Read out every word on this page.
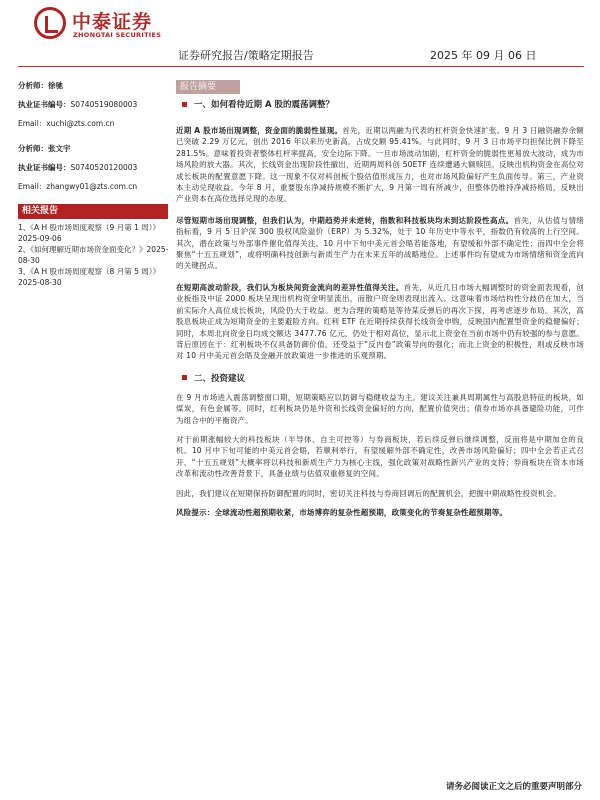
中泰证券
ZHONGTAI SECURITIES
证券研究报告/策略定期报告	2025 年 09 月 06 日
分析师：徐驰
执业证书编号：S0740519080003
Email：xuchi@zts.com.cn
分析师：张文宇
执业证书编号：S0740520120003
Email：zhangwy01@zts.com.cn
相关报告
1、《A H 股市场周度观察（9 月第 1 周）》2025-09-06
2、《如何理解近期市场资金面变化？》2025-08-30
3、《A H 股市场周度观察（8 月第 5 周）》2025-08-30
报告摘要
一、如何看待近期 A 股的震荡调整？
近期 A 股市场出现调整，资金面的脆弱性显现。首先，近期以两融为代表的杠杆资金快速扩张。9 月 3 日融资融券余额已突破 2.29 万亿元，创出 2016 年以来历史新高，占成交额 95.41%。与此同时，9 月 3 日市场平均担保比例下降至 281.5%。意味着投资者整体杠杆率提高，安全边际下降。一旦市场波动加剧，杠杆资金的脆弱性更易放大波动，成为市场风险的放大器。其次，长线资金出现阶段性撤出，近期两周科创 50ETF 连续遭遇大额赎回。反映出机构资金在高位对成长板块的配置意愿下降。这一现象不仅对科创板个股估值形成压力，也对市场风险偏好产生负面传导。第三，产业资本主动兑现收益。今年 8 月，重要股东净减持规模不断扩大，9 月第一周有所减少，但整体仍维持净减持格局，反映出产业资本在高位选择兑现的态度。
尽管短期市场出现调整，但我们认为，中期趋势并未逆转，指数和科技板块均未到达阶段性高点。首先，从估值与情绪指标看，9 月 5 日沪深 300 股权风险溢价（ERP）为 5.32%，处于 10 年历史中等水平，指数仍有较高的上行空间。其次，潜在政策与外部事件催化值得关注。10 月中下旬中美元首会晤若能落地，有望缓和外部不确定性；而四中全会将聚焦“十五五规划”，或将明确科技创新与新质生产力在未来五年的战略地位。上述事件均有望成为市场情绪和资金流向的关键拐点。
在短期高波动阶段，我们认为板块间资金流向的差异性值得关注。首先，从近几日市场大幅调整时的资金面表现看，创业板指及中证 2000 板块呈现出机构资金明显流出，而散户资金则表现出流入。这意味着市场结构性分歧仍在加大，当前实际介入高位成长板块，风险仍大于收益。更为合理的策略是等待某反弹后的再次下探，再考虑逐步布局。其次，高股息板块正成为短期资金的主要避险方向。红利 ETF 在近期持续获得长线资金申购，反映国内配置型资金的稳健偏好；同时，本周北向资金日均成交额达 3477.76 亿元，仍处于相对高位，显示北上资金在当前市场中仍有较强的参与意愿。背后原因在于：红利板块不仅具备防御价值，还受益于“反内卷”政策导向的强化；而北上资金的积极性，则或反映市场对 10 月中美元首会晤及金融开放政策进一步推进的乐观预期。
二、投资建议
在 9 月市场进入震荡调整窗口期，短期策略应以防御与稳健收益为主。建议关注兼具周期属性与高股息特征的板块，如煤炭，有色金属等。同时，红利板块仍是外资和长线资金偏好的方向，配置价值突出；债券市场亦具备避险功能，可作为组合中的平衡资产。
对于前期涨幅较大的科技板块（半导体、自主可控等）与券商板块，若后续反弹后继续调整，反而将是中期加仓的良机。10 月中下旬可能的中美元首会晤，若顺利举行，有望缓解外部不确定性，改善市场风险偏好；四中全会若正式召开，“十五五规划”大概率将以科技和新质生产力为核心主线，强化政策对战略性新兴产业的支持；券商板块在资本市场改革和流动性改善背景下，具备业绩与估值双重修复的空间。
因此，我们建议在短期保持防御配置的同时，密切关注科技与券商回调后的配置机会，把握中期战略性投资机会。
风险提示：全球流动性超预期收紧，市场博弈的复杂性超预期，政策变化的节奏复杂性超预期等。
请务必阅读正文之后的重要声明部分
